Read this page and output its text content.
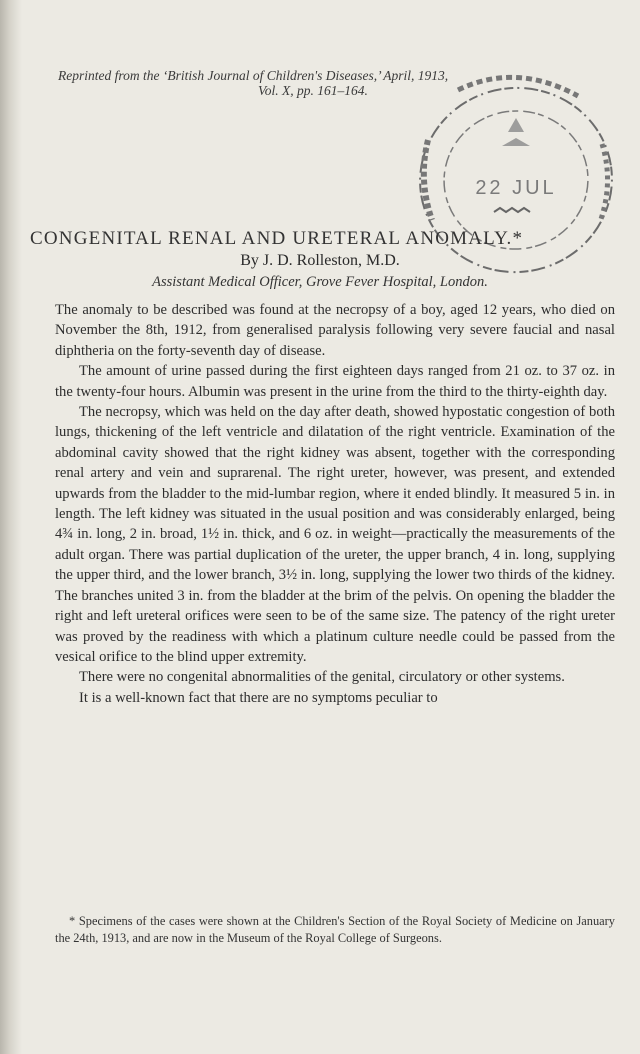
Reprinted from the ‘British Journal of Children's Diseases,’ April, 1913,
Vol. X, pp. 161–164.
22 JUL
CONGENITAL RENAL AND URETERAL ANOMALY.*
By J. D. Rolleston, M.D.
Assistant Medical Officer, Grove Fever Hospital, London.

The anomaly to be described was found at the necropsy of a boy, aged 12 years, who died on November the 8th, 1912, from generalised paralysis following very severe faucial and nasal diphtheria on the forty-seventh day of disease.

The amount of urine passed during the first eighteen days ranged from 21 oz. to 37 oz. in the twenty-four hours. Albumin was present in the urine from the third to the thirty-eighth day.

The necropsy, which was held on the day after death, showed hypostatic congestion of both lungs, thickening of the left ventricle and dilatation of the right ventricle. Examination of the abdominal cavity showed that the right kidney was absent, together with the corresponding renal artery and vein and suprarenal. The right ureter, however, was present, and extended upwards from the bladder to the mid-lumbar region, where it ended blindly. It measured 5 in. in length. The left kidney was situated in the usual position and was considerably enlarged, being 4¾ in. long, 2 in. broad, 1½ in. thick, and 6 oz. in weight—practically the measurements of the adult organ. There was partial duplication of the ureter, the upper branch, 4 in. long, supplying the upper third, and the lower branch, 3½ in. long, supplying the lower two thirds of the kidney. The branches united 3 in. from the bladder at the brim of the pelvis. On opening the bladder the right and left ureteral orifices were seen to be of the same size. The patency of the right ureter was proved by the readiness with which a platinum culture needle could be passed from the vesical orifice to the blind upper extremity.

There were no congenital abnormalities of the genital, circulatory or other systems.

It is a well-known fact that there are no symptoms peculiar to

* Specimens of the cases were shown at the Children's Section of the Royal Society of Medicine on January the 24th, 1913, and are now in the Museum of the Royal College of Surgeons.
